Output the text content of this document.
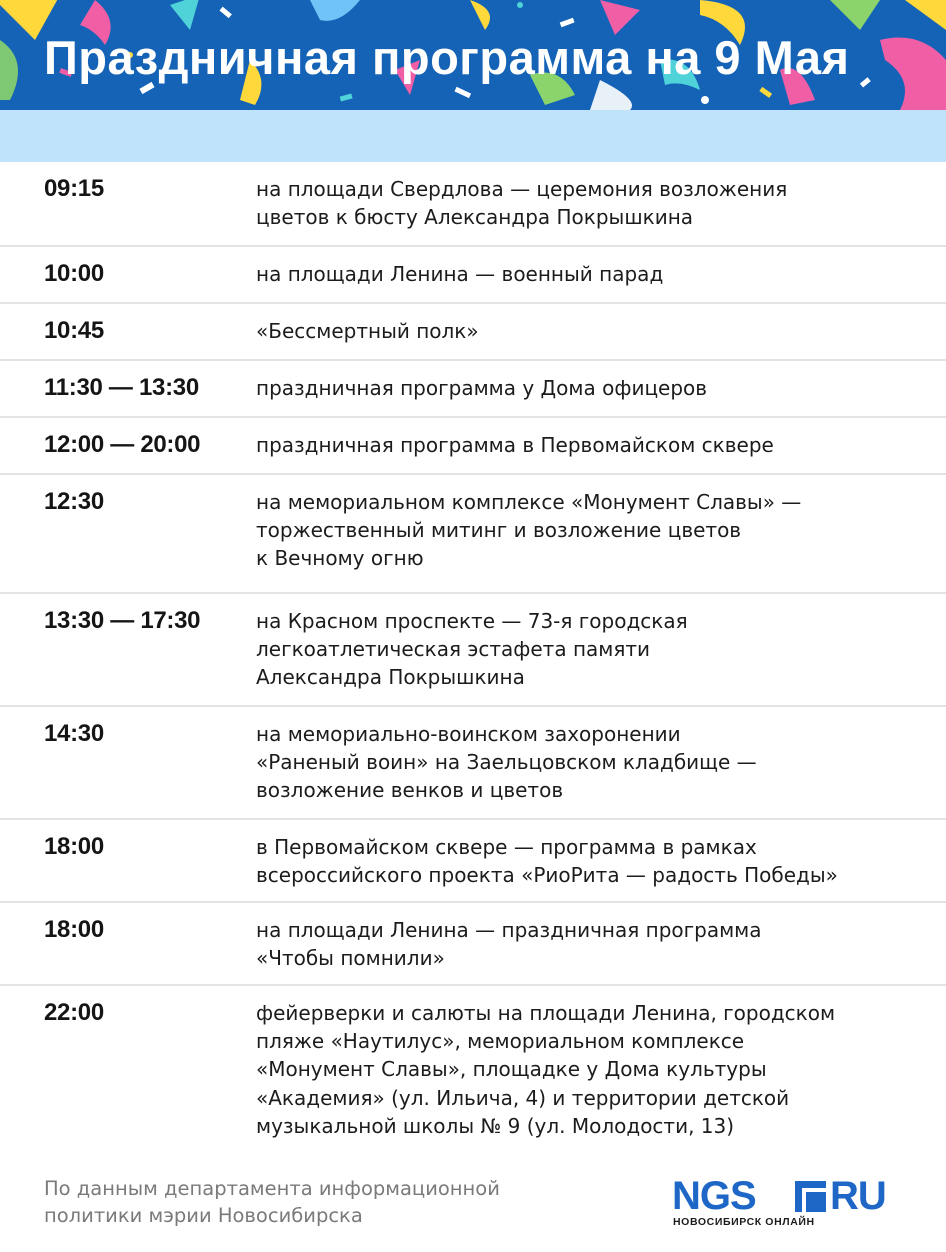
Праздничная программа на 9 Мая
09:15	на площади Свердлова — церемония возложения
цветов к бюсту Александра Покрышкина
10:00	на площади Ленина — военный парад
10:45	«Бессмертный полк»
11:30 — 13:30	праздничная программа у Дома офицеров
12:00 — 20:00	праздничная программа в Первомайском сквере
12:30	на мемориальном комплексе «Монумент Славы» —
торжественный митинг и возложение цветов
к Вечному огню
13:30 — 17:30	на Красном проспекте — 73-я городская
легкоатлетическая эстафета памяти
Александра Покрышкина
14:30	на мемориально-воинском захоронении
«Раненый воин» на Заельцовском кладбище —
возложение венков и цветов
18:00	в Первомайском сквере — программа в рамках
всероссийского проекта «РиоРита — радость Победы»
18:00	на площади Ленина — праздничная программа
«Чтобы помнили»
22:00	фейерверки и салюты на площади Ленина, городском
пляже «Наутилус», мемориальном комплексе
«Монумент Славы», площадке у Дома культуры
«Академия» (ул. Ильича, 4) и территории детской
музыкальной школы № 9 (ул. Молодости, 13)
По данным департамента информационной
политики мэрии Новосибирска	NGS RU
НОВОСИБИРСК ОНЛАЙН
